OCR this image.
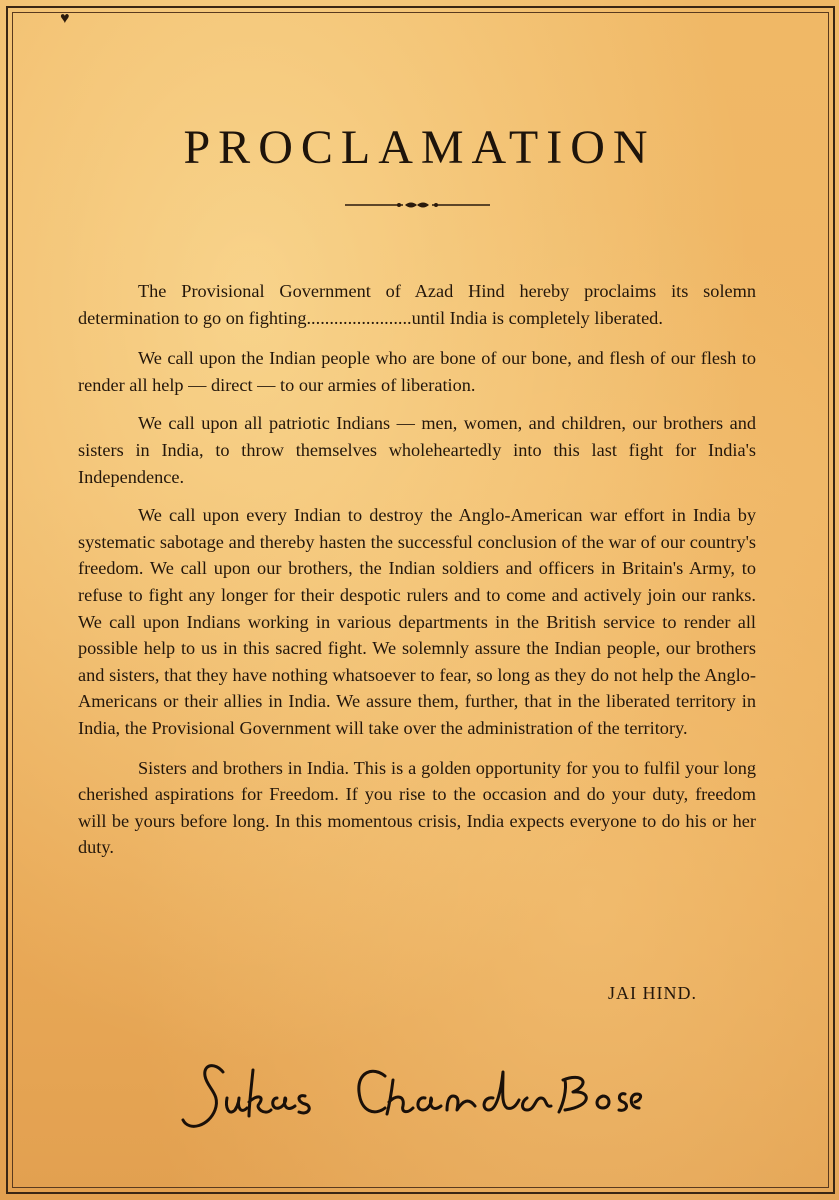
♥
PROCLAMATION

The Provisional Government of Azad Hind hereby proclaims its solemn determination to go on fighting.......................until India is completely liberated.

We call upon the Indian people who are bone of our bone, and flesh of our flesh to render all help — direct — to our armies of liberation.

We call upon all patriotic Indians — men, women, and children, our brothers and sisters in India, to throw themselves wholeheartedly into this last fight for India's Independence.

We call upon every Indian to destroy the Anglo-American war effort in India by systematic sabotage and thereby hasten the successful conclusion of the war of our country's freedom. We call upon our brothers, the Indian soldiers and officers in Britain's Army, to refuse to fight any longer for their despotic rulers and to come and actively join our ranks. We call upon Indians working in various departments in the British service to render all possible help to us in this sacred fight. We solemnly assure the Indian people, our brothers and sisters, that they have nothing whatsoever to fear, so long as they do not help the Anglo-Americans or their allies in India. We assure them, further, that in the liberated territory in India, the Provisional Government will take over the administration of the territory.

Sisters and brothers in India. This is a golden opportunity for you to fulfil your long cherished aspirations for Freedom. If you rise to the occasion and do your duty, freedom will be yours before long. In this momentous crisis, India expects everyone to do his or her duty.

JAI HIND.
